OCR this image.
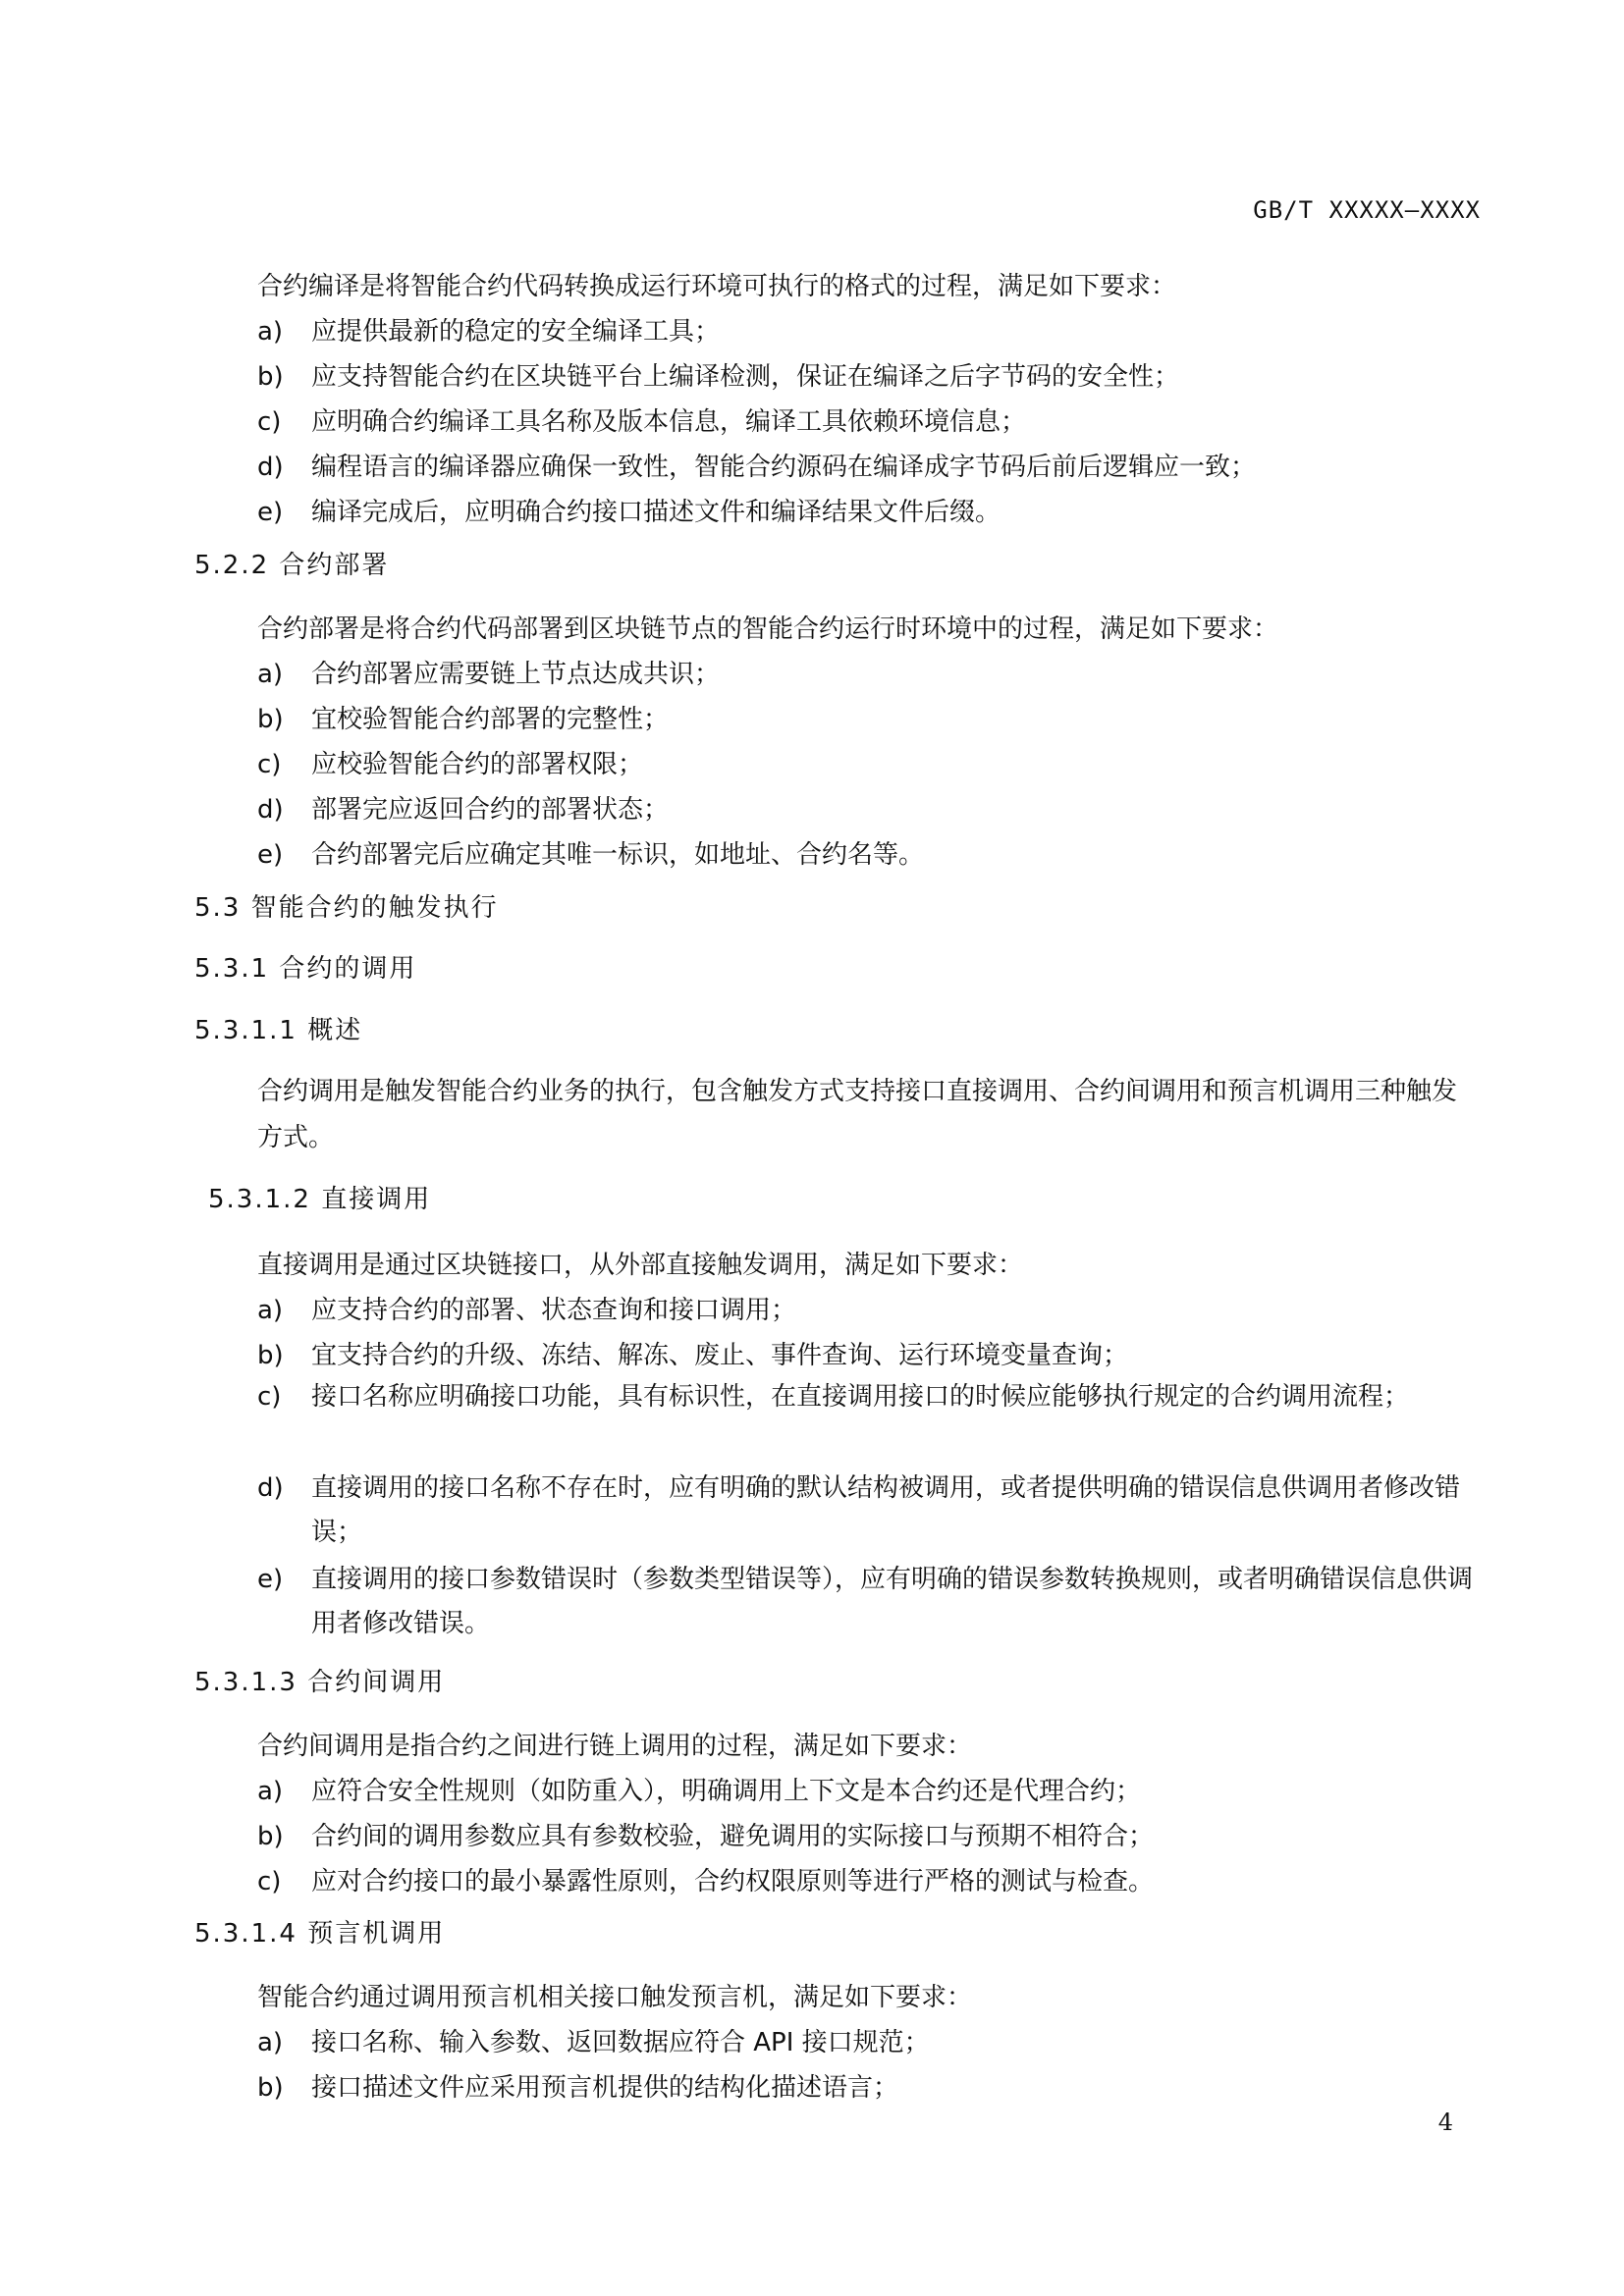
GB/T XXXXX—XXXX

合约编译是将智能合约代码转换成运行环境可执行的格式的过程，满足如下要求：

a)	应提供最新的稳定的安全编译工具；
b)	应支持智能合约在区块链平台上编译检测，保证在编译之后字节码的安全性；
c)	应明确合约编译工具名称及版本信息，编译工具依赖环境信息；
d)	编程语言的编译器应确保一致性，智能合约源码在编译成字节码后前后逻辑应一致；
e)	编译完成后，应明确合约接口描述文件和编译结果文件后缀。
5.2.2 合约部署

合约部署是将合约代码部署到区块链节点的智能合约运行时环境中的过程，满足如下要求：

a)	合约部署应需要链上节点达成共识；
b)	宜校验智能合约部署的完整性；
c)	应校验智能合约的部署权限；
d)	部署完应返回合约的部署状态；
e)	合约部署完后应确定其唯一标识，如地址、合约名等。
5.3 智能合约的触发执行
5.3.1 合约的调用
5.3.1.1 概述

合约调用是触发智能合约业务的执行，包含触发方式支持接口直接调用、合约间调用和预言机调用三种触发方式。

5.3.1.2 直接调用

直接调用是通过区块链接口，从外部直接触发调用，满足如下要求：

a)	应支持合约的部署、状态查询和接口调用；
b)	宜支持合约的升级、冻结、解冻、废止、事件查询、运行环境变量查询；
c)	接口名称应明确接口功能，具有标识性，在直接调用接口的时候应能够执行规定的合约调用流程；
d)	直接调用的接口名称不存在时，应有明确的默认结构被调用，或者提供明确的错误信息供调用者修改错误；
e)	直接调用的接口参数错误时（参数类型错误等），应有明确的错误参数转换规则，或者明确错误信息供调用者修改错误。
5.3.1.3 合约间调用

合约间调用是指合约之间进行链上调用的过程，满足如下要求：

a)	应符合安全性规则（如防重入），明确调用上下文是本合约还是代理合约；
b)	合约间的调用参数应具有参数校验，避免调用的实际接口与预期不相符合；
c)	应对合约接口的最小暴露性原则，合约权限原则等进行严格的测试与检查。
5.3.1.4 预言机调用

智能合约通过调用预言机相关接口触发预言机，满足如下要求：

a)	接口名称、输入参数、返回数据应符合 API 接口规范；
b)	接口描述文件应采用预言机提供的结构化描述语言；
4
